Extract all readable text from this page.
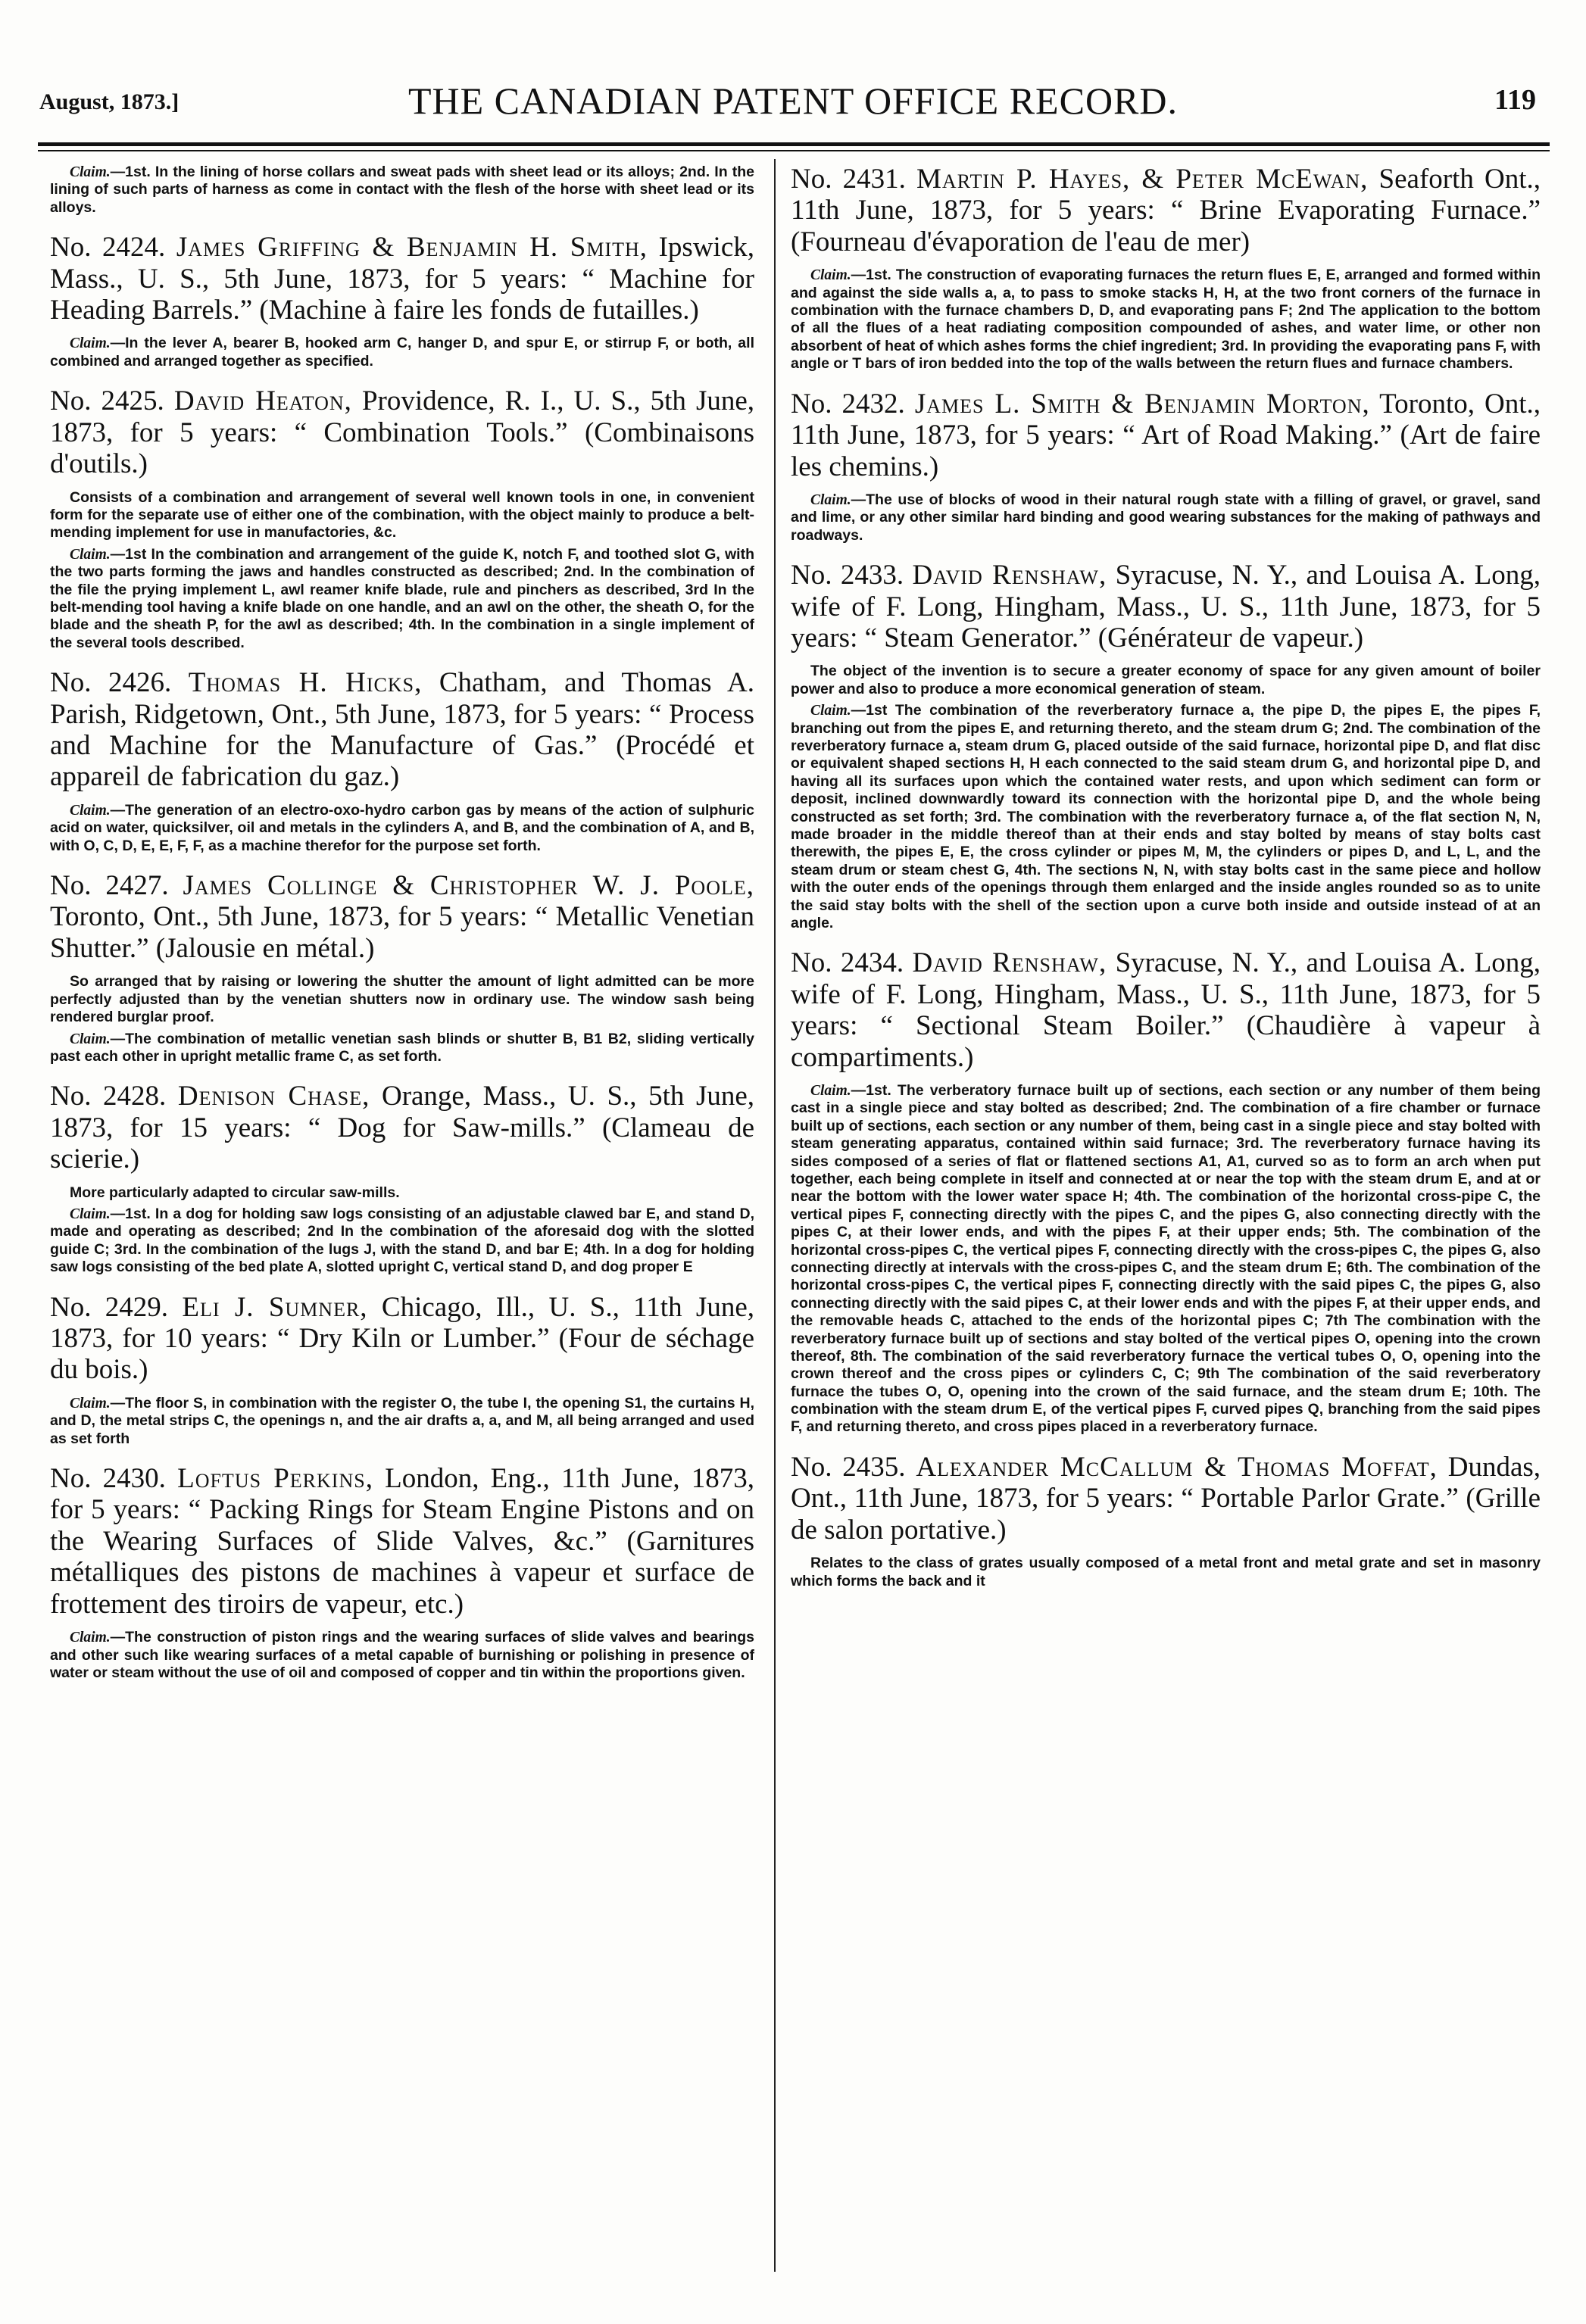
August, 1873.]	THE CANADIAN PATENT OFFICE RECORD.	119

Claim.—1st. In the lining of horse collars and sweat pads with sheet lead or its alloys; 2nd. In the lining of such parts of harness as come in contact with the flesh of the horse with sheet lead or its alloys.

No. 2424. James Griffing & Benjamin H. Smith, Ipswick, Mass., U. S., 5th June, 1873, for 5 years: “ Machine for Heading Barrels.” (Machine à faire les fonds de futailles.)

Claim.—In the lever A, bearer B, hooked arm C, hanger D, and spur E, or stirrup F, or both, all combined and arranged together as specified.

No. 2425. David Heaton, Providence, R. I., U. S., 5th June, 1873, for 5 years: “ Combination Tools.” (Combinaisons d'outils.)

Consists of a combination and arrangement of several well known tools in one, in convenient form for the separate use of either one of the combination, with the object mainly to produce a belt-mending implement for use in manufactories, &c.

Claim.—1st In the combination and arrangement of the guide K, notch F, and toothed slot G, with the two parts forming the jaws and handles constructed as described; 2nd. In the combination of the file the prying implement L, awl reamer knife blade, rule and pinchers as described, 3rd In the belt-mending tool having a knife blade on one handle, and an awl on the other, the sheath O, for the blade and the sheath P, for the awl as described; 4th. In the combination in a single implement of the several tools described.

No. 2426. Thomas H. Hicks, Chatham, and Thomas A. Parish, Ridgetown, Ont., 5th June, 1873, for 5 years: “ Process and Machine for the Manufacture of Gas.” (Procédé et appareil de fabrication du gaz.)

Claim.—The generation of an electro-oxo-hydro carbon gas by means of the action of sulphuric acid on water, quicksilver, oil and metals in the cylinders A, and B, and the combination of A, and B, with O, C, D, E, E, F, F, as a machine therefor for the purpose set forth.

No. 2427. James Collinge & Christopher W. J. Poole, Toronto, Ont., 5th June, 1873, for 5 years: “ Metallic Venetian Shutter.” (Jalousie en métal.)

So arranged that by raising or lowering the shutter the amount of light admitted can be more perfectly adjusted than by the venetian shutters now in ordinary use. The window sash being rendered burglar proof.

Claim.—The combination of metallic venetian sash blinds or shutter B, B1 B2, sliding vertically past each other in upright metallic frame C, as set forth.

No. 2428. Denison Chase, Orange, Mass., U. S., 5th June, 1873, for 15 years: “ Dog for Saw-mills.” (Clameau de scierie.)

More particularly adapted to circular saw-mills.

Claim.—1st. In a dog for holding saw logs consisting of an adjustable clawed bar E, and stand D, made and operating as described; 2nd In the combination of the aforesaid dog with the slotted guide C; 3rd. In the combination of the lugs J, with the stand D, and bar E; 4th. In a dog for holding saw logs consisting of the bed plate A, slotted upright C, vertical stand D, and dog proper E

No. 2429. Eli J. Sumner, Chicago, Ill., U. S., 11th June, 1873, for 10 years: “ Dry Kiln or Lumber.” (Four de séchage du bois.)

Claim.—The floor S, in combination with the register O, the tube I, the opening S1, the curtains H, and D, the metal strips C, the openings n, and the air drafts a, a, and M, all being arranged and used as set forth

No. 2430. Loftus Perkins, London, Eng., 11th June, 1873, for 5 years: “ Packing Rings for Steam Engine Pistons and on the Wearing Surfaces of Slide Valves, &c.” (Garnitures métalliques des pistons de machines à vapeur et surface de frottement des tiroirs de vapeur, etc.)

Claim.—The construction of piston rings and the wearing surfaces of slide valves and bearings and other such like wearing surfaces of a metal capable of burnishing or polishing in presence of water or steam without the use of oil and composed of copper and tin within the proportions given.

No. 2431. Martin P. Hayes, & Peter McEwan, Seaforth Ont., 11th June, 1873, for 5 years: “ Brine Evaporating Furnace.” (Fourneau d'évaporation de l'eau de mer)

Claim.—1st. The construction of evaporating furnaces the return flues E, E, arranged and formed within and against the side walls a, a, to pass to smoke stacks H, H, at the two front corners of the furnace in combination with the furnace chambers D, D, and evaporating pans F; 2nd The application to the bottom of all the flues of a heat radiating composition compounded of ashes, and water lime, or other non absorbent of heat of which ashes forms the chief ingredient; 3rd. In providing the evaporating pans F, with angle or T bars of iron bedded into the top of the walls between the return flues and furnace chambers.

No. 2432. James L. Smith & Benjamin Morton, Toronto, Ont., 11th June, 1873, for 5 years: “ Art of Road Making.” (Art de faire les chemins.)

Claim.—The use of blocks of wood in their natural rough state with a filling of gravel, or gravel, sand and lime, or any other similar hard binding and good wearing substances for the making of pathways and roadways.

No. 2433. David Renshaw, Syracuse, N. Y., and Louisa A. Long, wife of F. Long, Hingham, Mass., U. S., 11th June, 1873, for 5 years: “ Steam Generator.” (Générateur de vapeur.)

The object of the invention is to secure a greater economy of space for any given amount of boiler power and also to produce a more economical generation of steam.

Claim.—1st The combination of the reverberatory furnace a, the pipe D, the pipes E, the pipes F, branching out from the pipes E, and returning thereto, and the steam drum G; 2nd. The combination of the reverberatory furnace a, steam drum G, placed outside of the said furnace, horizontal pipe D, and flat disc or equivalent shaped sections H, H each connected to the said steam drum G, and horizontal pipe D, and having all its surfaces upon which the contained water rests, and upon which sediment can form or deposit, inclined downwardly toward its connection with the horizontal pipe D, and the whole being constructed as set forth; 3rd. The combination with the reverberatory furnace a, of the flat section N, N, made broader in the middle thereof than at their ends and stay bolted by means of stay bolts cast therewith, the pipes E, E, the cross cylinder or pipes M, M, the cylinders or pipes D, and L, L, and the steam drum or steam chest G, 4th. The sections N, N, with stay bolts cast in the same piece and hollow with the outer ends of the openings through them enlarged and the inside angles rounded so as to unite the said stay bolts with the shell of the section upon a curve both inside and outside instead of at an angle.

No. 2434. David Renshaw, Syracuse, N. Y., and Louisa A. Long, wife of F. Long, Hingham, Mass., U. S., 11th June, 1873, for 5 years: “ Sectional Steam Boiler.” (Chaudière à vapeur à compartiments.)

Claim.—1st. The verberatory furnace built up of sections, each section or any number of them being cast in a single piece and stay bolted as described; 2nd. The combination of a fire chamber or furnace built up of sections, each section or any number of them, being cast in a single piece and stay bolted with steam generating apparatus, contained within said furnace; 3rd. The reverberatory furnace having its sides composed of a series of flat or flattened sections A1, A1, curved so as to form an arch when put together, each being complete in itself and connected at or near the top with the steam drum E, and at or near the bottom with the lower water space H; 4th. The combination of the horizontal cross-pipe C, the vertical pipes F, connecting directly with the pipes C, and the pipes G, also connecting directly with the pipes C, at their lower ends, and with the pipes F, at their upper ends; 5th. The combination of the horizontal cross-pipes C, the vertical pipes F, connecting directly with the cross-pipes C, the pipes G, also connecting directly at intervals with the cross-pipes C, and the steam drum E; 6th. The combination of the horizontal cross-pipes C, the vertical pipes F, connecting directly with the said pipes C, the pipes G, also connecting directly with the said pipes C, at their lower ends and with the pipes F, at their upper ends, and the removable heads C, attached to the ends of the horizontal pipes C; 7th The combination with the reverberatory furnace built up of sections and stay bolted of the vertical pipes O, opening into the crown thereof, 8th. The combination of the said reverberatory furnace the vertical tubes O, O, opening into the crown thereof and the cross pipes or cylinders C, C; 9th The combination of the said reverberatory furnace the tubes O, O, opening into the crown of the said furnace, and the steam drum E; 10th. The combination with the steam drum E, of the vertical pipes F, curved pipes Q, branching from the said pipes F, and returning thereto, and cross pipes placed in a reverberatory furnace.

No. 2435. Alexander McCallum & Thomas Moffat, Dundas, Ont., 11th June, 1873, for 5 years: “ Portable Parlor Grate.” (Grille de salon portative.)

Relates to the class of grates usually composed of a metal front and metal grate and set in masonry which forms the back and it
